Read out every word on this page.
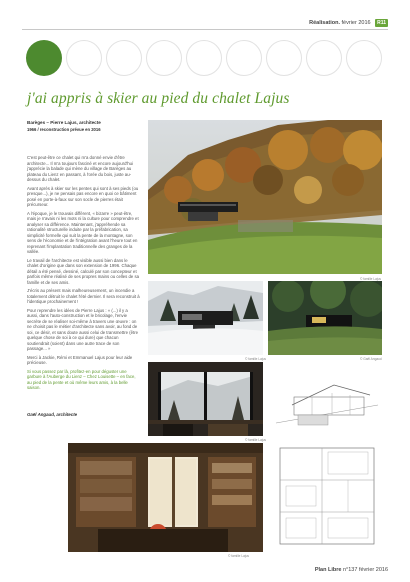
Réalisation. février 2016 R11
j'ai appris à skier au pied du chalet Lajus
Barèges – Pierre Lajus, architecte
1966 / reconstruction prévue en 2016

C'est peut-être ce chalet qui m'a donné envie d'être architecte... Il m'a toujours fasciné et encore aujourd'hui j'apprécie la balade qui mène du village de Barèges au plateau du Lienz en passant, à l'orée du bois, juste au-dessus du chalet.

Avant après à skier sur les pentes qui sont à ses pieds (ou presque...), je ne pensais pas encore en quoi ce bâtiment posé en porte-à-faux sur son socle de pierres était précurseur.

A l'époque, je le trouvais différent, « bizarre » peut-être, mais je n'avais ni les mots ni la culture pour comprendre et analyser sa différence. Maintenant, j'appréhende sa rationalité structurelle induite par la préfabrication, sa simplicité formelle qui suit la pente de la montagne, son sens de l'économie et de l'intégration avant l'heure tout en reprenant l'implantation traditionnelle des granges de la vallée.

Le travail de l'architecte est visible aussi bien dans le chalet d'origine que dans son extension de 1996. Chaque détail a été pensé, dessiné, calculé par son concepteur et parfois même réalisé de ses propres mains ou celles de sa famille et de ses amis.

J'écris au présent mais malheureusement, un incendie a totalement détruit le chalet l'été dernier. Il sera reconstruit à l'identique prochainement !

Pour reprendre les idées de Pierre Lajus : « (...) il y a aussi, dans l'auto-construction et le bricolage, l'envie secrète de se réaliser soi-même à travers une œuvre : on ne choisit pas le métier d'architecte sans avoir, au fond de soi, ce désir, et sans doute aussi celui de transmettre (être quelque chose de soi à ce qui dure) que chacun soutiendrait (soient) dans une autre trace de son passage... »

Merci à Jackie, Rémi et Emmanuel Lajus pour leur aide précieuse.

Si vous passez par là, profitez-en pour déguster une garbure à l'Auberge du Lienz – Chez Louisette – en face, au pied de la pente et où même leurs amis, à la belle saison.

Gaël Angaud, architecte
© famille Lajus
© famille Lajus	© Gaël Angaud
© famille Lajus
© famille Lajus
Plan Libre n°137 février 2016
